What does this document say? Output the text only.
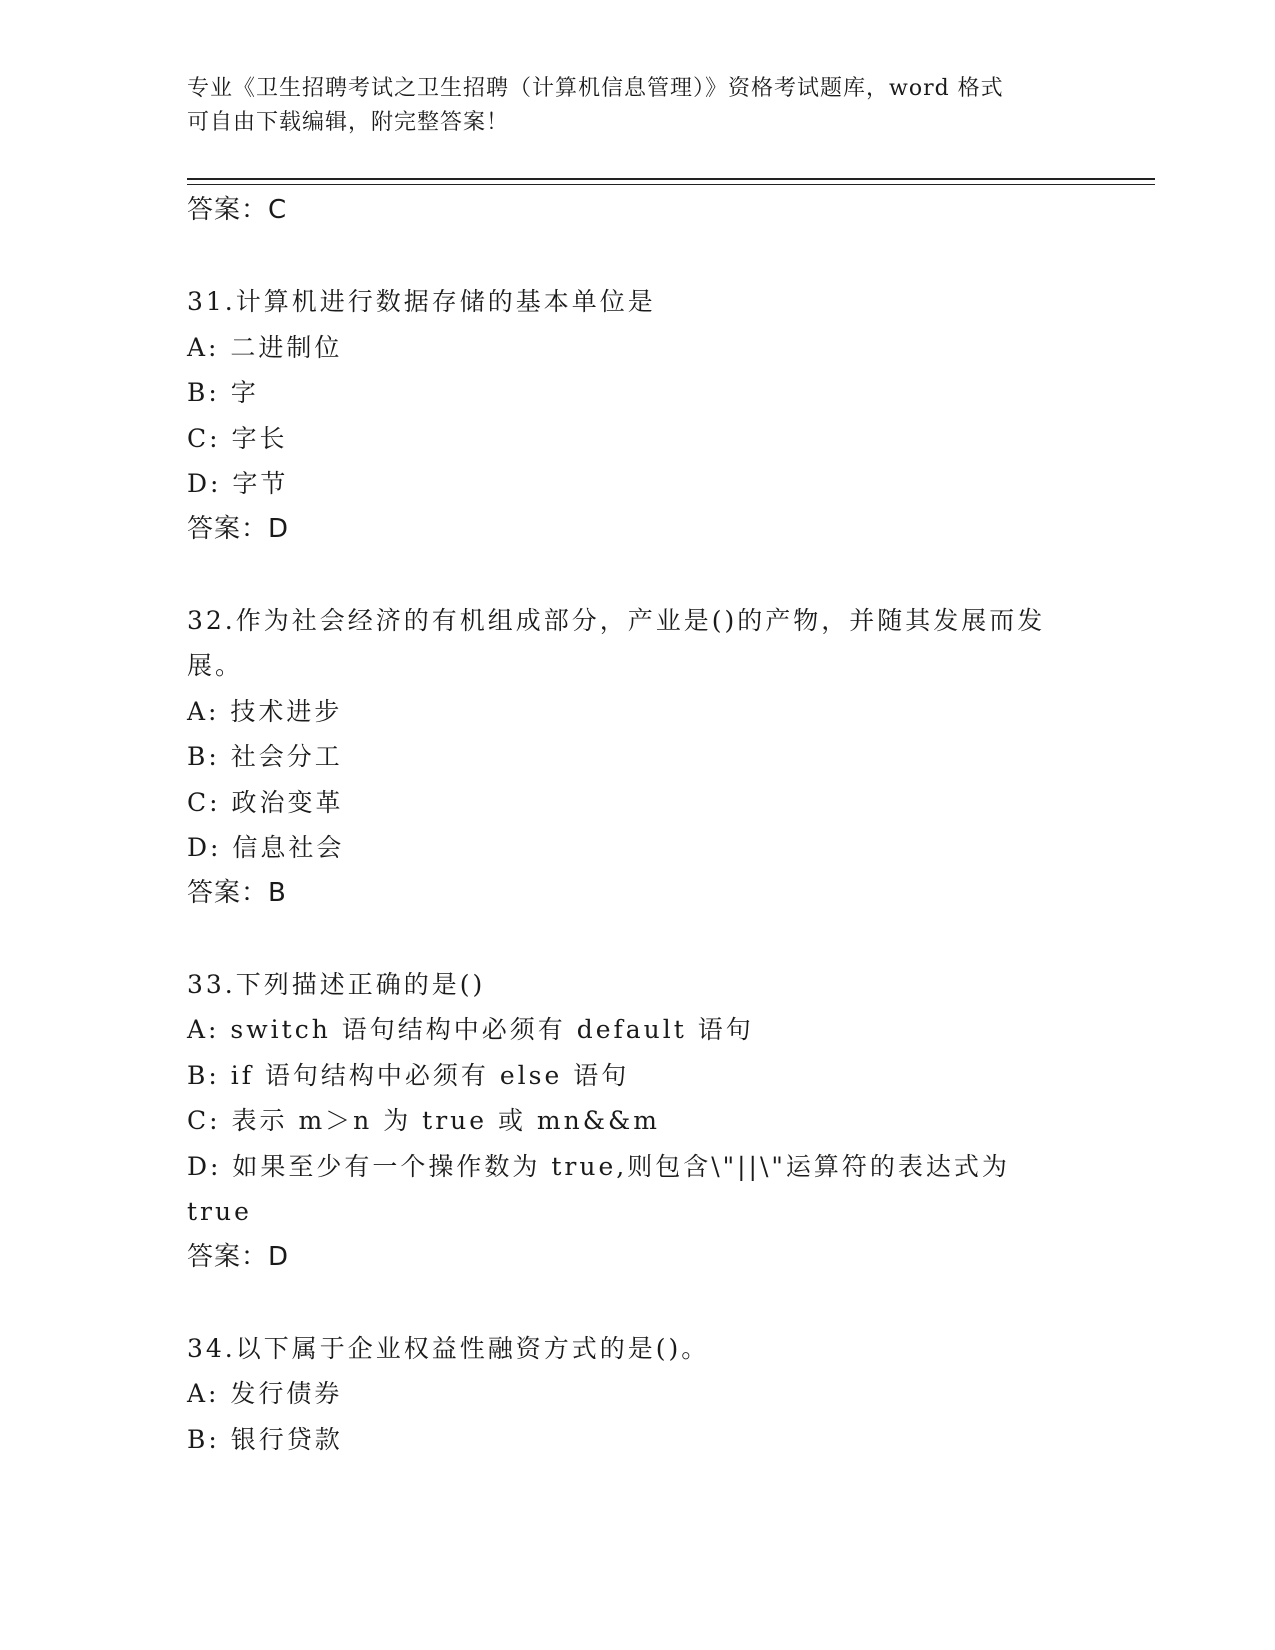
专业《卫生招聘考试之卫生招聘（计算机信息管理）》资格考试题库，word 格式
可自由下载编辑，附完整答案！
答案：C
31.计算机进行数据存储的基本单位是
A: 二进制位
B: 字
C: 字长
D: 字节
答案：D
32.作为社会经济的有机组成部分，产业是()的产物，并随其发展而发
展。
A: 技术进步
B: 社会分工
C: 政治变革
D: 信息社会
答案：B
33.下列描述正确的是()
A: switch 语句结构中必须有 default 语句
B: if 语句结构中必须有 else 语句
C: 表示 m＞n 为 true 或 mn&&m
D: 如果至少有一个操作数为 true,则包含\"||\"运算符的表达式为
true
答案：D
34.以下属于企业权益性融资方式的是()。
A: 发行债券
B: 银行贷款
